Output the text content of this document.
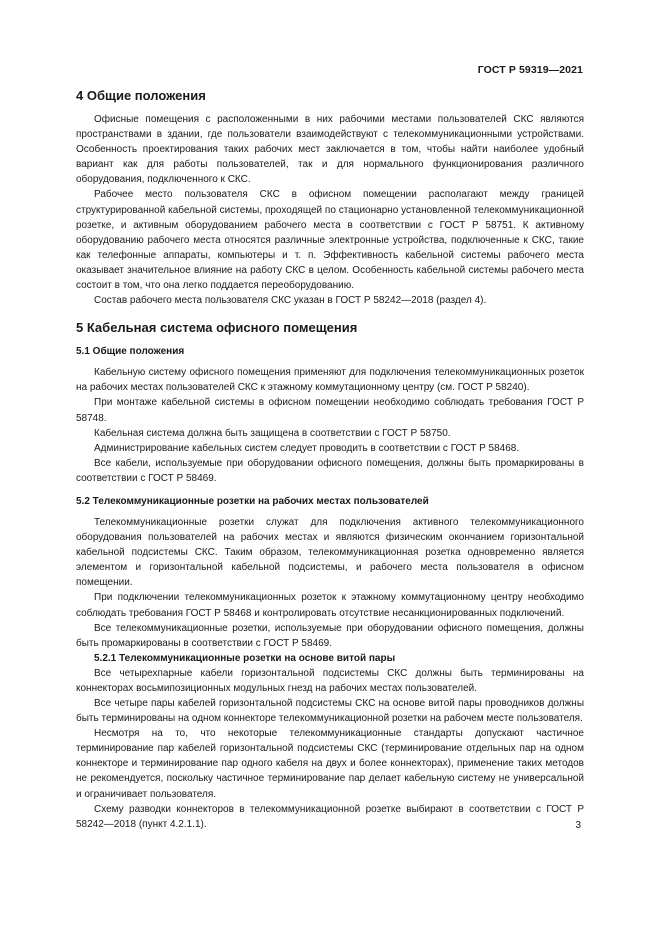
ГОСТ Р 59319—2021
4 Общие положения

Офисные помещения с расположенными в них рабочими местами пользователей СКС являются пространствами в здании, где пользователи взаимодействуют с телекоммуникационными устройствами. Особенность проектирования таких рабочих мест заключается в том, чтобы найти наиболее удобный вариант как для работы пользователей, так и для нормального функционирования различного оборудования, подключенного к СКС.

Рабочее место пользователя СКС в офисном помещении располагают между границей структурированной кабельной системы, проходящей по стационарно установленной телекоммуникационной розетке, и активным оборудованием рабочего места в соответствии с ГОСТ Р 58751. К активному оборудованию рабочего места относятся различные электронные устройства, подключенные к СКС, такие как телефонные аппараты, компьютеры и т. п. Эффективность кабельной системы рабочего места оказывает значительное влияние на работу СКС в целом. Особенность кабельной системы рабочего места состоит в том, что она легко поддается переоборудованию.

Состав рабочего места пользователя СКС указан в ГОСТ Р 58242—2018 (раздел 4).

5 Кабельная система офисного помещения
5.1 Общие положения

Кабельную систему офисного помещения применяют для подключения телекоммуникационных розеток на рабочих местах пользователей СКС к этажному коммутационному центру (см. ГОСТ Р 58240).

При монтаже кабельной системы в офисном помещении необходимо соблюдать требования ГОСТ Р 58748.

Кабельная система должна быть защищена в соответствии с ГОСТ Р 58750.

Администрирование кабельных систем следует проводить в соответствии с ГОСТ Р 58468.

Все кабели, используемые при оборудовании офисного помещения, должны быть промаркированы в соответствии с ГОСТ Р 58469.

5.2 Телекоммуникационные розетки на рабочих местах пользователей

Телекоммуникационные розетки служат для подключения активного телекоммуникационного оборудования пользователей на рабочих местах и являются физическим окончанием горизонтальной кабельной подсистемы СКС. Таким образом, телекоммуникационная розетка одновременно является элементом и горизонтальной кабельной подсистемы, и рабочего места пользователя в офисном помещении.

При подключении телекоммуникационных розеток к этажному коммутационному центру необходимо соблюдать требования ГОСТ Р 58468 и контролировать отсутствие несанкционированных подключений.

Все телекоммуникационные розетки, используемые при оборудовании офисного помещения, должны быть промаркированы в соответствии с ГОСТ Р 58469.

5.2.1 Телекоммуникационные розетки на основе витой пары

Все четырехпарные кабели горизонтальной подсистемы СКС должны быть терминированы на коннекторах восьмипозиционных модульных гнезд на рабочих местах пользователей.

Все четыре пары кабелей горизонтальной подсистемы СКС на основе витой пары проводников должны быть терминированы на одном коннекторе телекоммуникационной розетки на рабочем месте пользователя.

Несмотря на то, что некоторые телекоммуникационные стандарты допускают частичное терминирование пар кабелей горизонтальной подсистемы СКС (терминирование отдельных пар на одном коннекторе и терминирование пар одного кабеля на двух и более коннекторах), применение таких методов не рекомендуется, поскольку частичное терминирование пар делает кабельную систему не универсальной и ограничивает пользователя.

Схему разводки коннекторов в телекоммуникационной розетке выбирают в соответствии с ГОСТ Р 58242—2018 (пункт 4.2.1.1).	3
